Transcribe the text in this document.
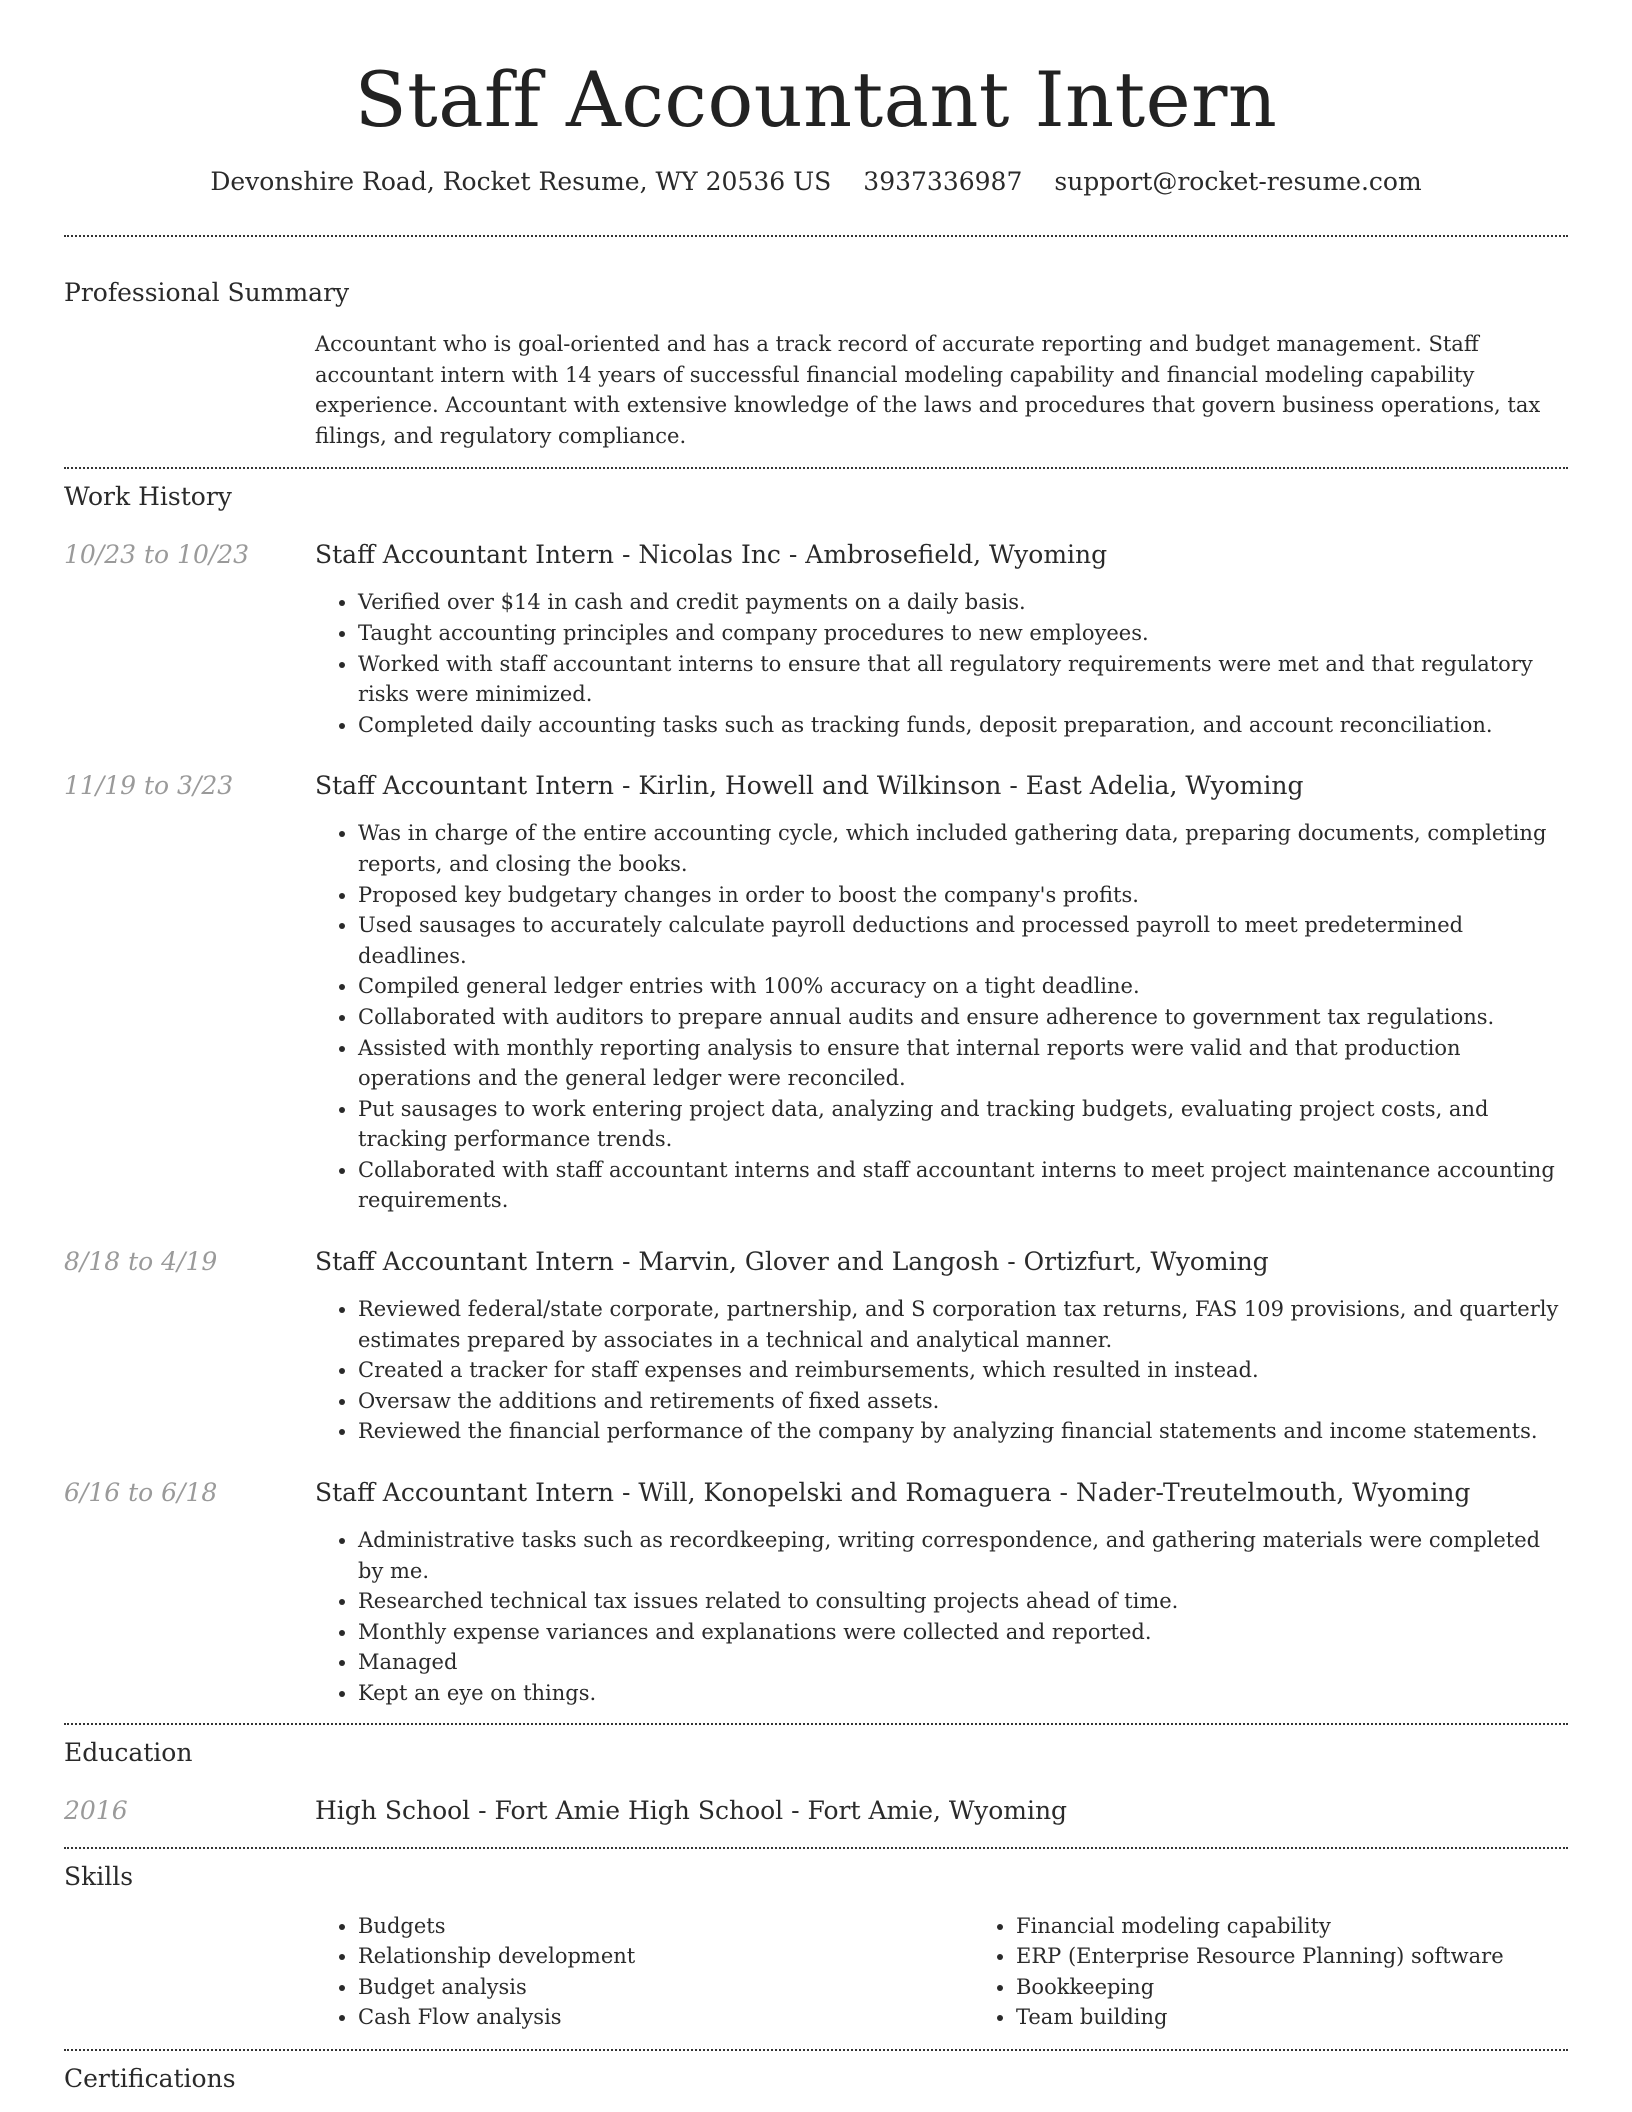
Staff Accountant Intern
Devonshire Road, Rocket Resume, WY 20536 US 3937336987 support@rocket-resume.com
Professional Summary

Accountant who is goal-oriented and has a track record of accurate reporting and budget management. Staff accountant intern with 14 years of successful financial modeling capability and financial modeling capability experience. Accountant with extensive knowledge of the laws and procedures that govern business operations, tax filings, and regulatory compliance.

Work History
10/23 to 10/23	Staff Accountant Intern - Nicolas Inc - Ambrosefield, Wyoming
• Verified over $14 in cash and credit payments on a daily basis.
• Taught accounting principles and company procedures to new employees.
• Worked with staff accountant interns to ensure that all regulatory requirements were met and that regulatory risks were minimized.
• Completed daily accounting tasks such as tracking funds, deposit preparation, and account reconciliation.
11/19 to 3/23	Staff Accountant Intern - Kirlin, Howell and Wilkinson - East Adelia, Wyoming
• Was in charge of the entire accounting cycle, which included gathering data, preparing documents, completing reports, and closing the books.
• Proposed key budgetary changes in order to boost the company's profits.
• Used sausages to accurately calculate payroll deductions and processed payroll to meet predetermined deadlines.
• Compiled general ledger entries with 100% accuracy on a tight deadline.
• Collaborated with auditors to prepare annual audits and ensure adherence to government tax regulations.
• Assisted with monthly reporting analysis to ensure that internal reports were valid and that production operations and the general ledger were reconciled.
• Put sausages to work entering project data, analyzing and tracking budgets, evaluating project costs, and tracking performance trends.
• Collaborated with staff accountant interns and staff accountant interns to meet project maintenance accounting requirements.
8/18 to 4/19	Staff Accountant Intern - Marvin, Glover and Langosh - Ortizfurt, Wyoming
• Reviewed federal/state corporate, partnership, and S corporation tax returns, FAS 109 provisions, and quarterly estimates prepared by associates in a technical and analytical manner.
• Created a tracker for staff expenses and reimbursements, which resulted in instead.
• Oversaw the additions and retirements of fixed assets.
• Reviewed the financial performance of the company by analyzing financial statements and income statements.
6/16 to 6/18	Staff Accountant Intern - Will, Konopelski and Romaguera - Nader-Treutelmouth, Wyoming
• Administrative tasks such as recordkeeping, writing correspondence, and gathering materials were completed by me.
• Researched technical tax issues related to consulting projects ahead of time.
• Monthly expense variances and explanations were collected and reported.
• Managed
• Kept an eye on things.
Education
2016	High School - Fort Amie High School - Fort Amie, Wyoming
Skills
• Budgets
• Relationship development
• Budget analysis
• Cash Flow analysis
• Financial modeling capability
• ERP (Enterprise Resource Planning) software
• Bookkeeping
• Team building
Certifications
